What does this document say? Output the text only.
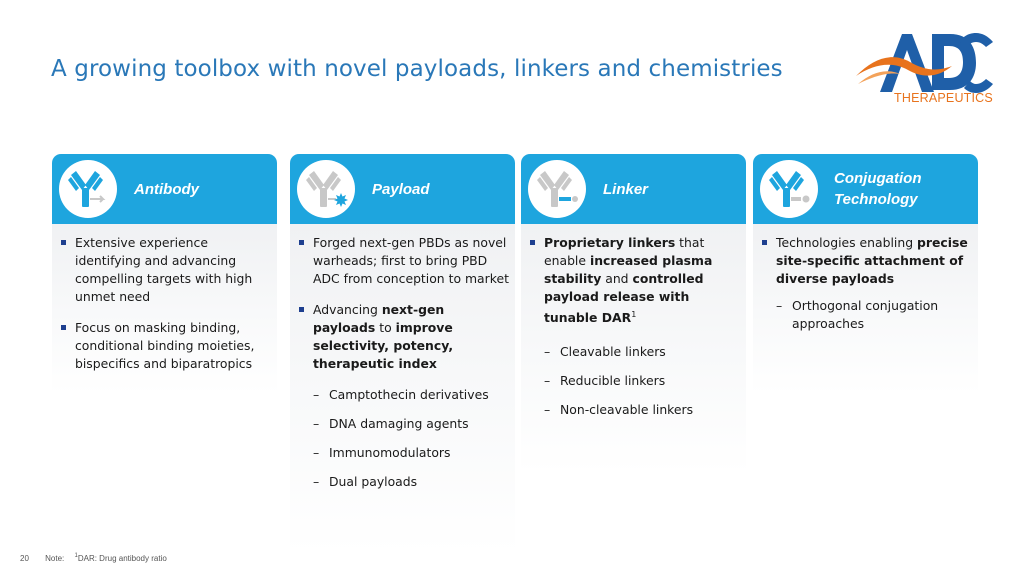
A growing toolbox with novel payloads, linkers and chemistries
THERAPEUTICS
Antibody
Extensive experience identifying and advancing compelling targets with high unmet need
Focus on masking binding, conditional binding moieties, bispecifics and biparatropics
Payload
Forged next-gen PBDs as novel warheads; first to bring PBD ADC from conception to market
Advancing next-gen payloads to improve selectivity, potency, therapeutic index
– Camptothecin derivatives
– DNA damaging agents
– Immunomodulators
– Dual payloads
Linker
Proprietary linkers that enable increased plasma stability and controlled payload release with tunable DAR$^1$
– Cleavable linkers
– Reducible linkers
– Non-cleavable linkers
Conjugation
Technology
Technologies enabling precise site-specific attachment of diverse payloads
– Orthogonal conjugation approaches
20 Note: $^1$DAR: Drug antibody ratio
